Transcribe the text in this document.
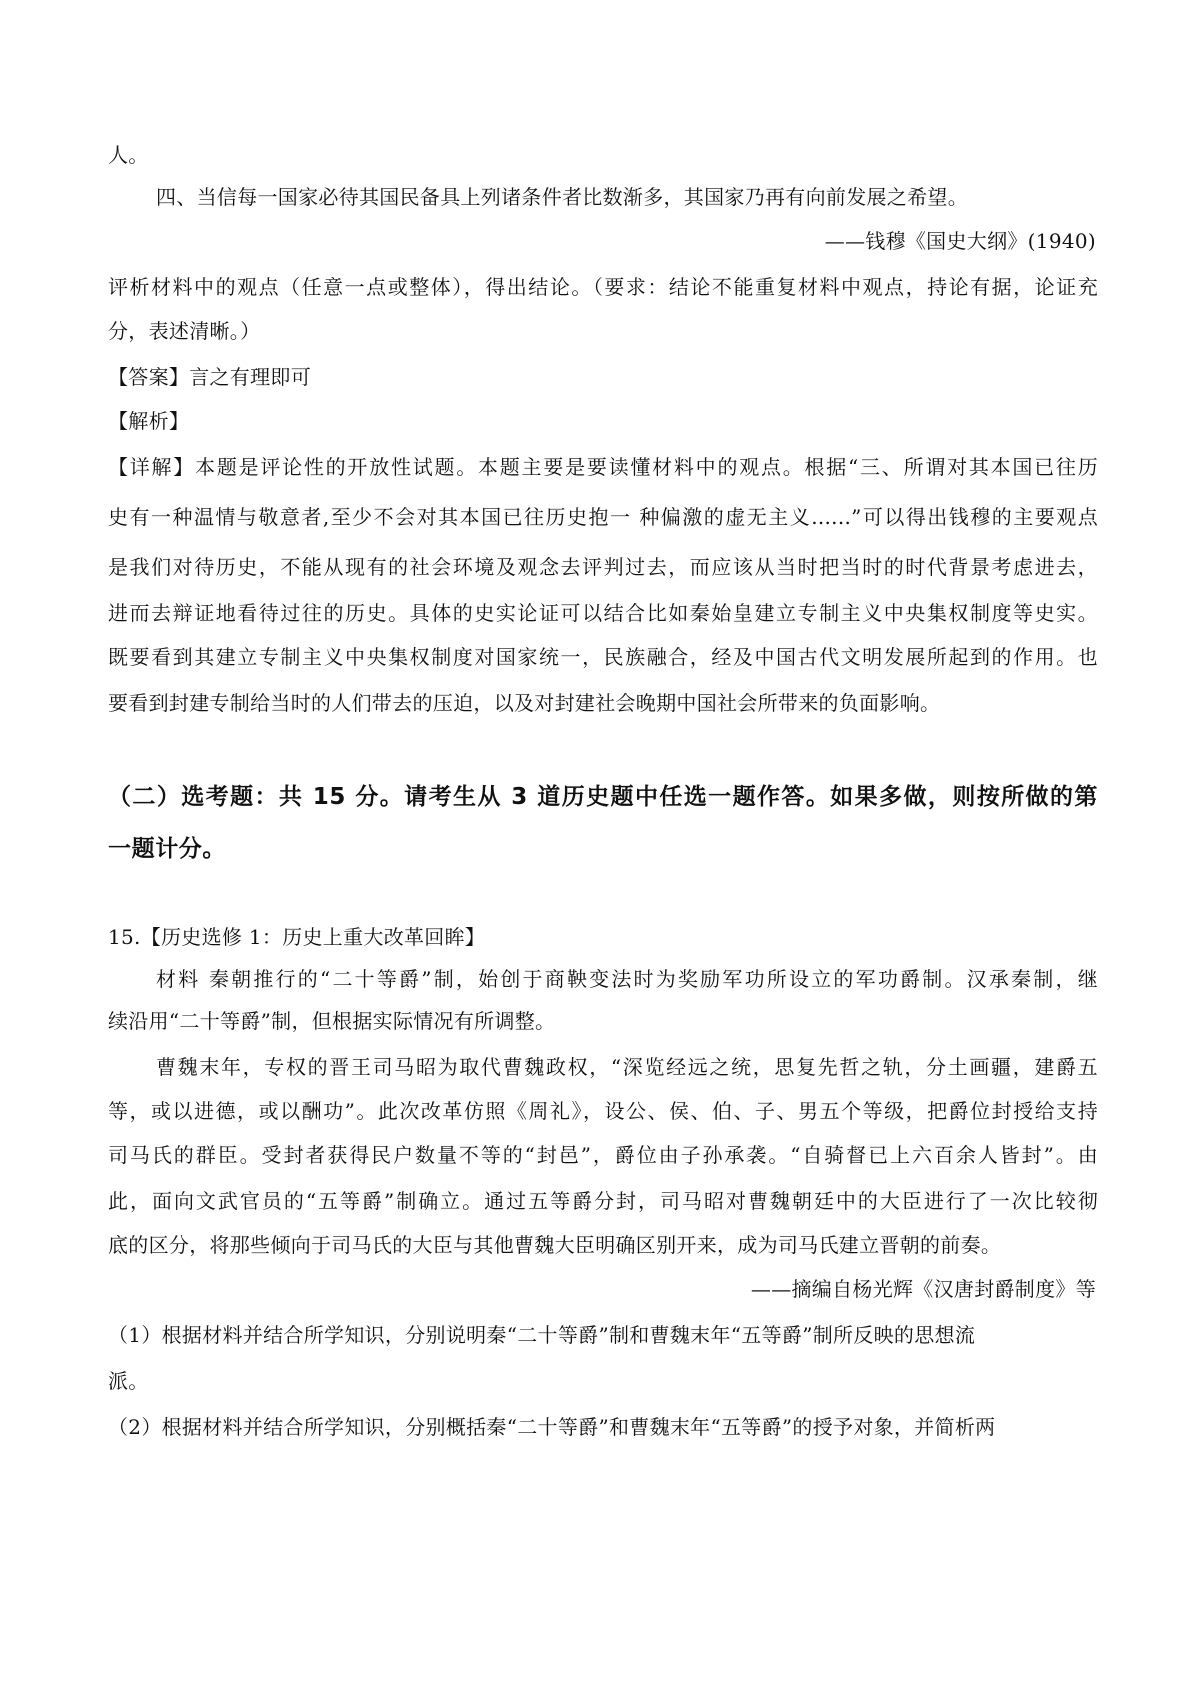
人。
四、当信每一国家必待其国民备具上列诸条件者比数渐多，其国家乃再有向前发展之希望。
——钱穆《国史大纲》(1940)
评析材料中的观点（任意一点或整体），得出结论。（要求：结论不能重复材料中观点，持论有据，论证充
分，表述清晰。）
【答案】言之有理即可
【解析】
【详解】本题是评论性的开放性试题。本题主要是要读懂材料中的观点。根据“三、所谓对其本国已往历
史有一种温情与敬意者,至少不会对其本国已往历史抱一 种偏激的虚无主义......”可以得出钱穆的主要观点
是我们对待历史，不能从现有的社会环境及观念去评判过去，而应该从当时把当时的时代背景考虑进去，
进而去辩证地看待过往的历史。具体的史实论证可以结合比如秦始皇建立专制主义中央集权制度等史实。
既要看到其建立专制主义中央集权制度对国家统一，民族融合，经及中国古代文明发展所起到的作用。也
要看到封建专制给当时的人们带去的压迫，以及对封建社会晚期中国社会所带来的负面影响。
（二）选考题：共 15 分。请考生从 3 道历史题中任选一题作答。如果多做，则按所做的第
一题计分。
15.【历史选修 1：历史上重大改革回眸】
材料 秦朝推行的“二十等爵”制，始创于商鞅变法时为奖励军功所设立的军功爵制。汉承秦制，继
续沿用“二十等爵”制，但根据实际情况有所调整。
曹魏末年，专权的晋王司马昭为取代曹魏政权，“深览经远之统，思复先哲之轨，分土画疆，建爵五
等，或以进德，或以酬功”。此次改革仿照《周礼》，设公、侯、伯、子、男五个等级，把爵位封授给支持
司马氏的群臣。受封者获得民户数量不等的“封邑”，爵位由子孙承袭。“自骑督已上六百余人皆封”。由
此，面向文武官员的“五等爵”制确立。通过五等爵分封，司马昭对曹魏朝廷中的大臣进行了一次比较彻
底的区分，将那些倾向于司马氏的大臣与其他曹魏大臣明确区别开来，成为司马氏建立晋朝的前奏。
——摘编自杨光辉《汉唐封爵制度》等
（1）根据材料并结合所学知识，分别说明秦“二十等爵”制和曹魏末年“五等爵”制所反映的思想流
派。
（2）根据材料并结合所学知识，分别概括秦“二十等爵”和曹魏末年“五等爵”的授予对象，并简析两
